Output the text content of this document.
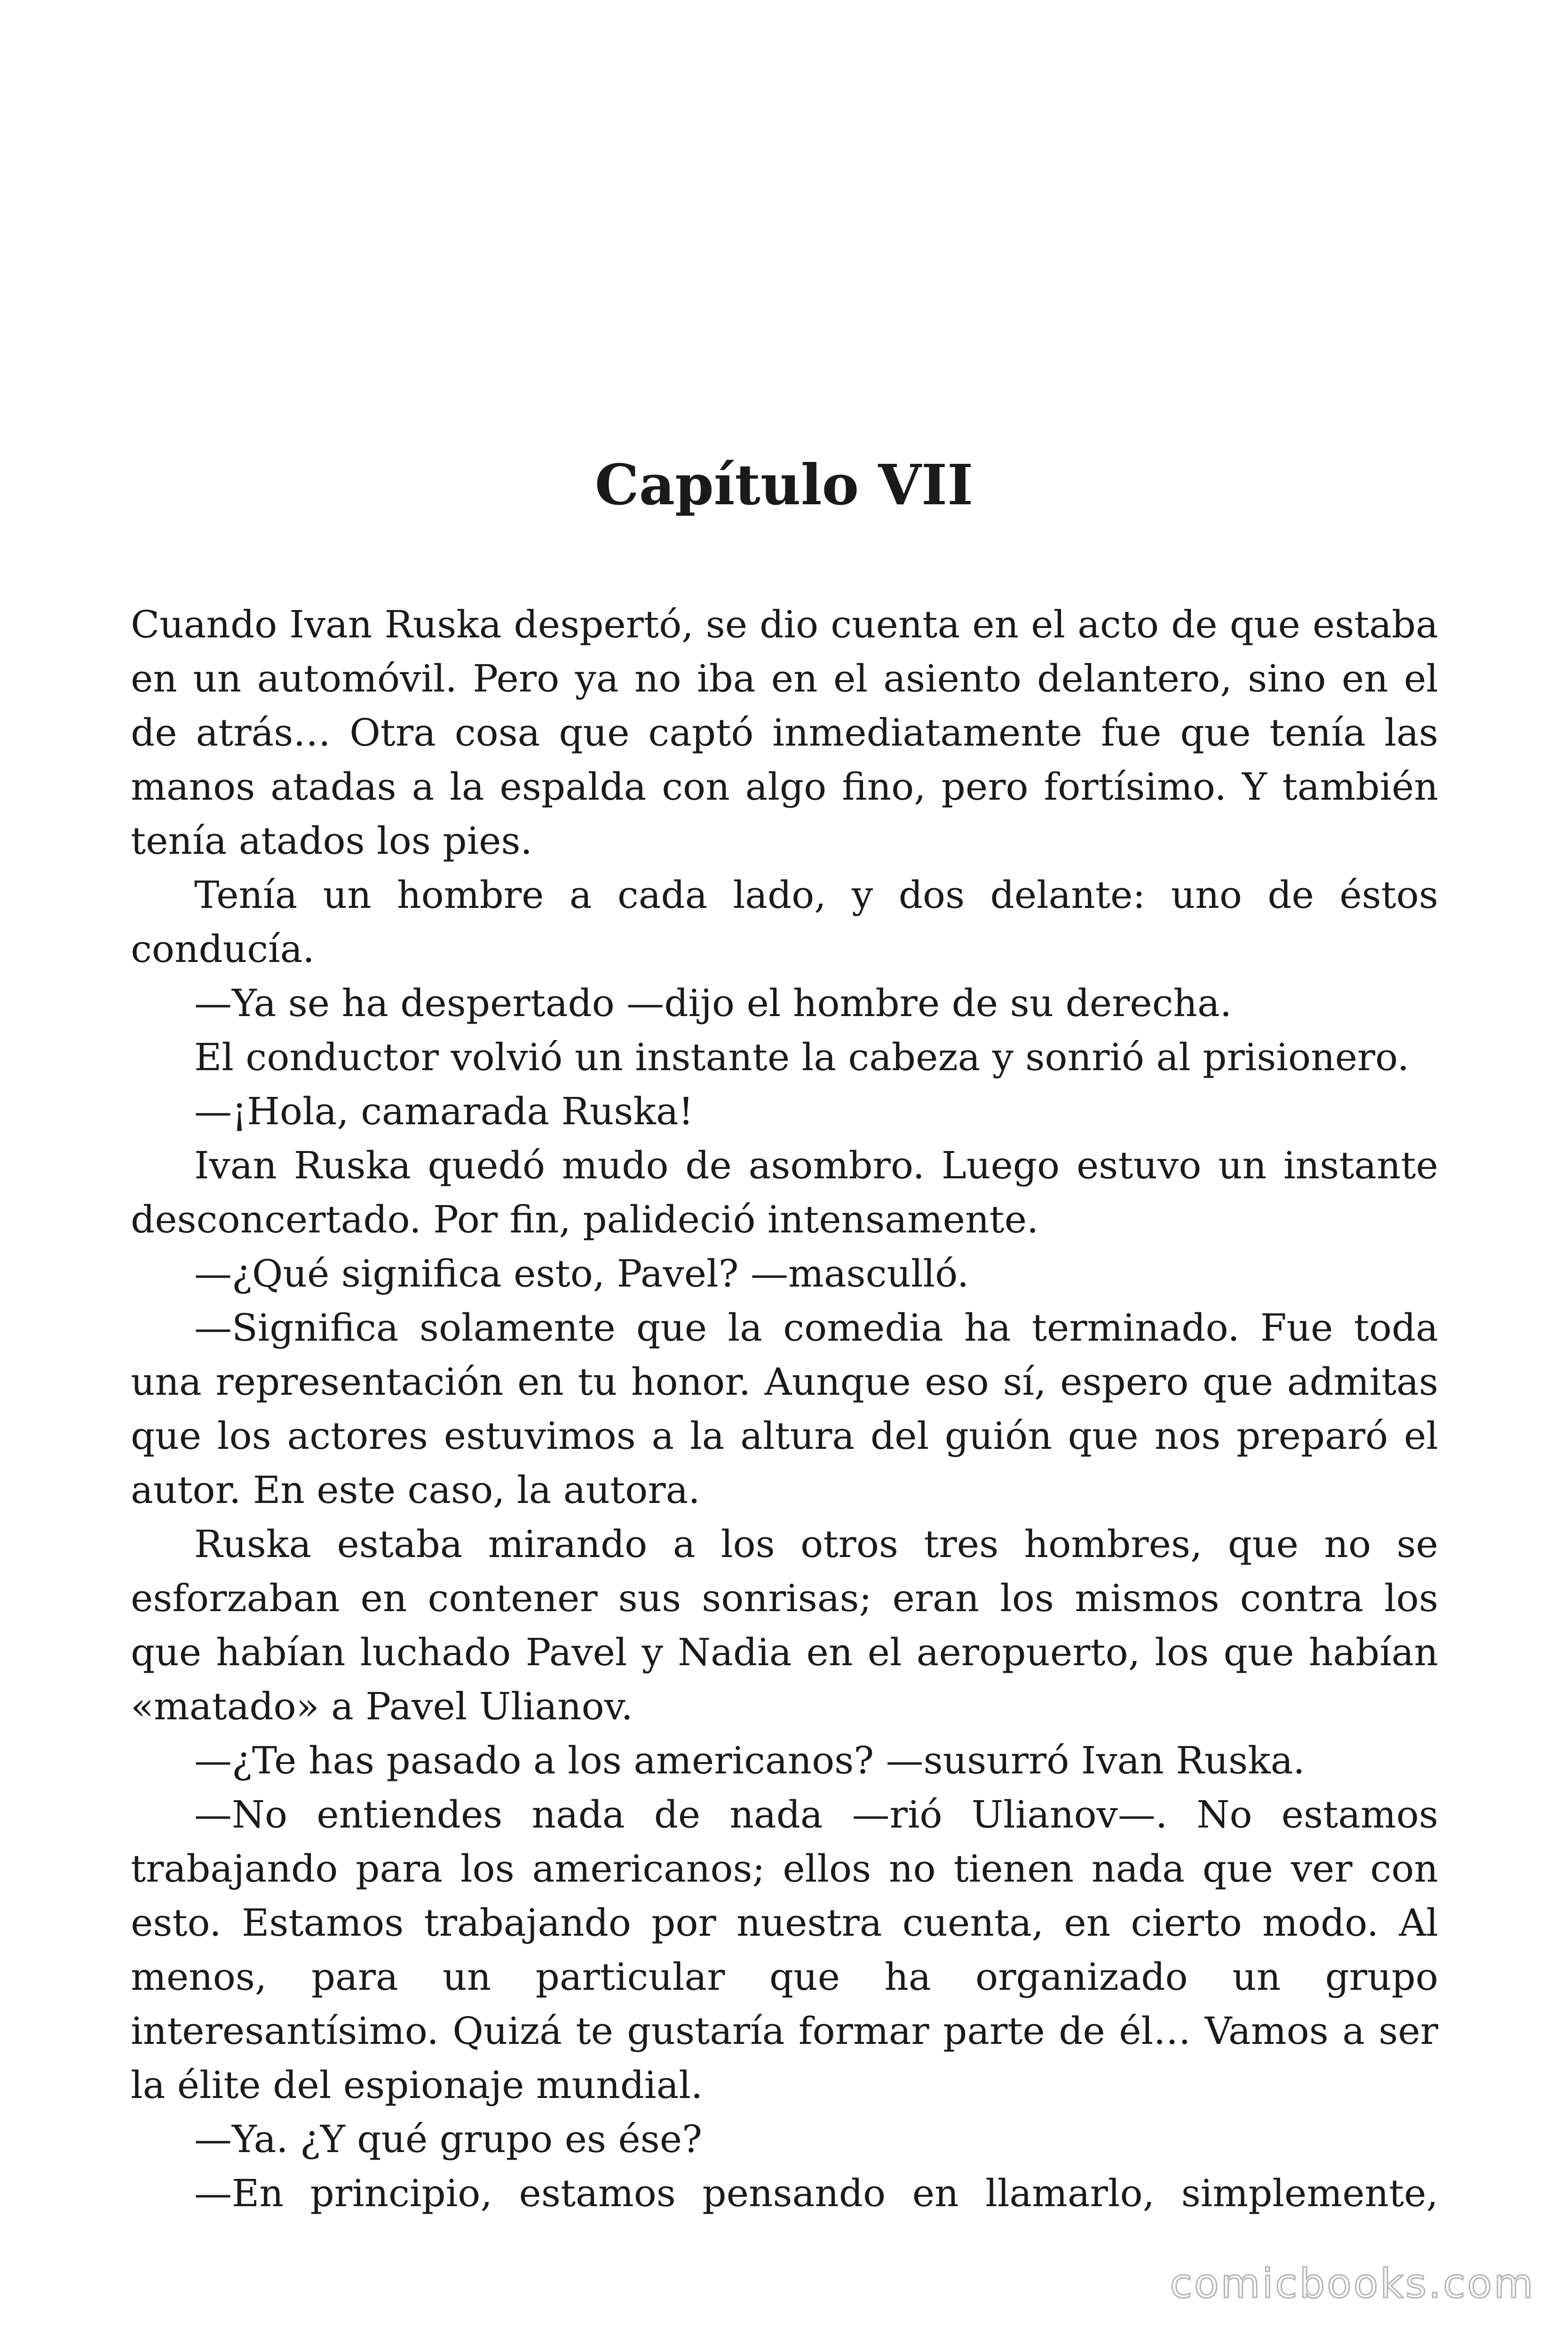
Capítulo VII

Cuando Ivan Ruska despertó, se dio cuenta en el acto de que estaba en un automóvil. Pero ya no iba en el asiento delantero, sino en el de atrás… Otra cosa que captó inmediatamente fue que tenía las manos atadas a la espalda con algo fino, pero fortísimo. Y también tenía atados los pies.

Tenía un hombre a cada lado, y dos delante: uno de éstos conducía.

—Ya se ha despertado —dijo el hombre de su derecha.

El conductor volvió un instante la cabeza y sonrió al prisionero.

—¡Hola, camarada Ruska!

Ivan Ruska quedó mudo de asombro. Luego estuvo un instante desconcertado. Por fin, palideció intensamente.

—¿Qué significa esto, Pavel? —masculló.

—Significa solamente que la comedia ha terminado. Fue toda una representación en tu honor. Aunque eso sí, espero que admitas que los actores estuvimos a la altura del guión que nos preparó el autor. En este caso, la autora.

Ruska estaba mirando a los otros tres hombres, que no se esforzaban en contener sus sonrisas; eran los mismos contra los que habían luchado Pavel y Nadia en el aeropuerto, los que habían «matado» a Pavel Ulianov.

—¿Te has pasado a los americanos? —susurró Ivan Ruska.

—No entiendes nada de nada —rió Ulianov—. No estamos trabajando para los americanos; ellos no tienen nada que ver con esto. Estamos trabajando por nuestra cuenta, en cierto modo. Al menos, para un particular que ha organizado un grupo interesantísimo. Quizá te gustaría formar parte de él… Vamos a ser la élite del espionaje mundial.

—Ya. ¿Y qué grupo es ése?

—En principio, estamos pensando en llamarlo, simplemente,

comicbooks.com
